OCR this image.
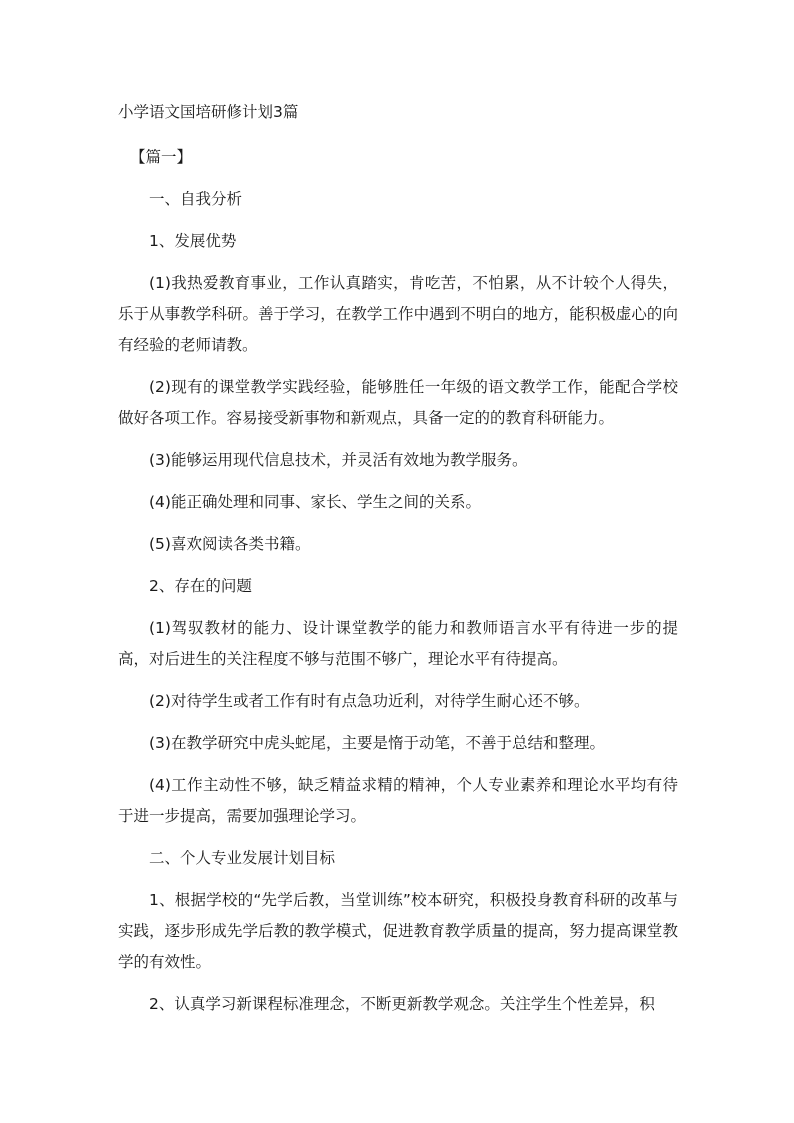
小学语文国培研修计划3篇

【篇一】

一、自我分析

1、发展优势

(1)我热爱教育事业，工作认真踏实，肯吃苦，不怕累，从不计较个人得失，乐于从事教学科研。善于学习，在教学工作中遇到不明白的地方，能积极虚心的向有经验的老师请教。

(2)现有的课堂教学实践经验，能够胜任一年级的语文教学工作，能配合学校做好各项工作。容易接受新事物和新观点，具备一定的的教育科研能力。

(3)能够运用现代信息技术，并灵活有效地为教学服务。

(4)能正确处理和同事、家长、学生之间的关系。

(5)喜欢阅读各类书籍。

2、存在的问题

(1)驾驭教材的能力、设计课堂教学的能力和教师语言水平有待进一步的提高，对后进生的关注程度不够与范围不够广，理论水平有待提高。

(2)对待学生或者工作有时有点急功近利，对待学生耐心还不够。

(3)在教学研究中虎头蛇尾，主要是惰于动笔，不善于总结和整理。

(4)工作主动性不够，缺乏精益求精的精神，个人专业素养和理论水平均有待于进一步提高，需要加强理论学习。

二、个人专业发展计划目标

1、根据学校的“先学后教，当堂训练”校本研究，积极投身教育科研的改革与实践，逐步形成先学后教的教学模式，促进教育教学质量的提高，努力提高课堂教学的有效性。

2、认真学习新课程标准理念，不断更新教学观念。关注学生个性差异，积
